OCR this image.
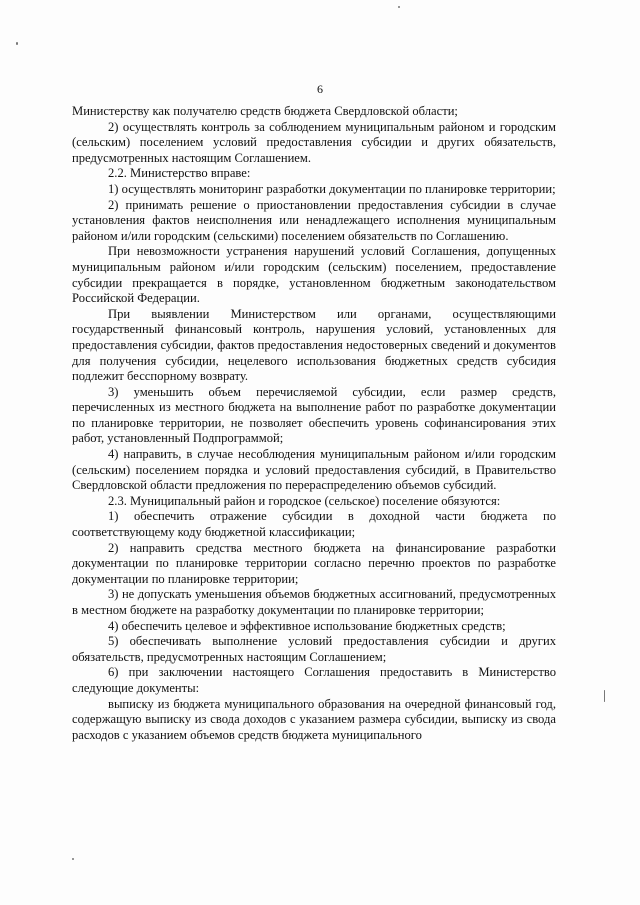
6

Министерству как получателю средств бюджета Свердловской области;

2) осуществлять контроль за соблюдением муниципальным районом и городским (сельским) поселением условий предоставления субсидии и других обязательств, предусмотренных настоящим Соглашением.

2.2. Министерство вправе:

1) осуществлять мониторинг разработки документации по планировке территории;

2) принимать решение о приостановлении предоставления субсидии в случае установления фактов неисполнения или ненадлежащего исполнения муниципальным районом и/или городским (сельскими) поселением обязательств по Соглашению.

При невозможности устранения нарушений условий Соглашения, допущенных муниципальным районом и/или городским (сельским) поселением, предоставление субсидии прекращается в порядке, установленном бюджетным законодательством Российской Федерации.

При выявлении Министерством или органами, осуществляющими государственный финансовый контроль, нарушения условий, установленных для предоставления субсидии, фактов предоставления недостоверных сведений и документов для получения субсидии, нецелевого использования бюджетных средств субсидия подлежит бесспорному возврату.

3) уменьшить объем перечисляемой субсидии, если размер средств, перечисленных из местного бюджета на выполнение работ по разработке документации по планировке территории, не позволяет обеспечить уровень софинансирования этих работ, установленный Подпрограммой;

4) направить, в случае несоблюдения муниципальным районом и/или городским (сельским) поселением порядка и условий предоставления субсидий, в Правительство Свердловской области предложения по перераспределению объемов субсидий.

2.3. Муниципальный район и городское (сельское) поселение обязуются:

1) обеспечить отражение субсидии в доходной части бюджета по соответствующему коду бюджетной классификации;

2) направить средства местного бюджета на финансирование разработки документации по планировке территории согласно перечню проектов по разработке документации по планировке территории;

3) не допускать уменьшения объемов бюджетных ассигнований, предусмотренных в местном бюджете на разработку документации по планировке территории;

4) обеспечить целевое и эффективное использование бюджетных средств;

5) обеспечивать выполнение условий предоставления субсидии и других обязательств, предусмотренных настоящим Соглашением;

6) при заключении настоящего Соглашения предоставить в Министерство следующие документы:

выписку из бюджета муниципального образования на очередной финансовый год, содержащую выписку из свода доходов с указанием размера субсидии, выписку из свода расходов с указанием объемов средств бюджета муниципального
